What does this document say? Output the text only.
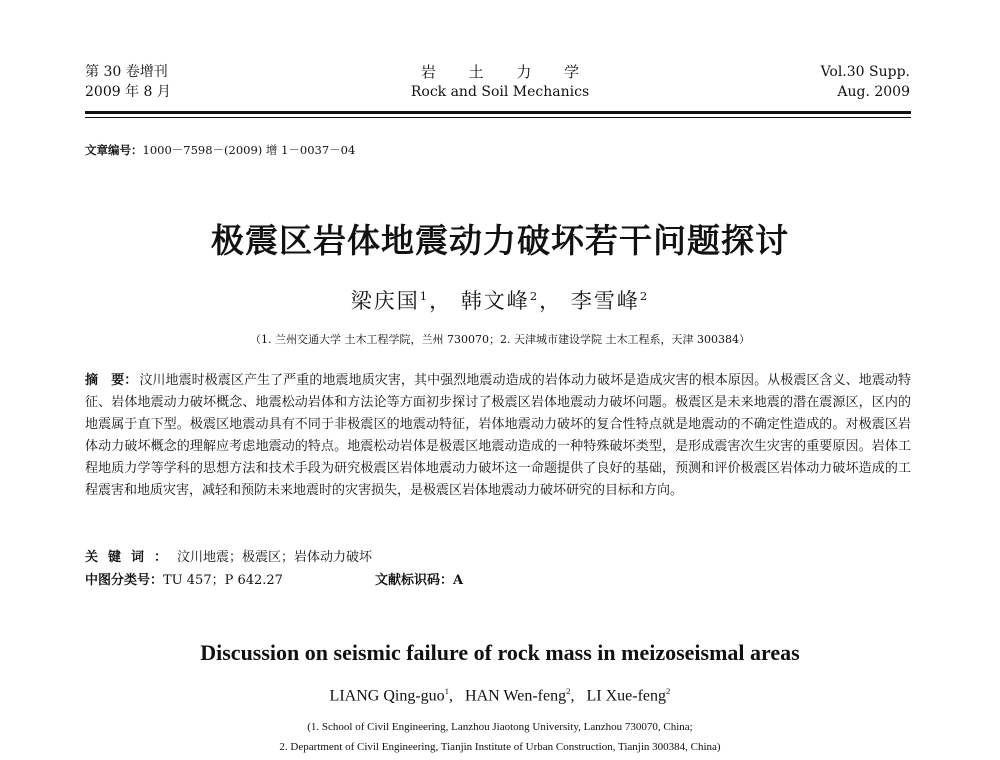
第 30 卷增刊
2009 年 8 月
岩 土 力 学
Rock and Soil Mechanics
Vol.30 Supp.
Aug. 2009
文章编号：1000－7598－(2009) 增 1－0037－04
极震区岩体地震动力破坏若干问题探讨
梁庆国$^1$， 韩文峰$^2$， 李雪峰$^2$
（1. 兰州交通大学 土木工程学院，兰州 730070；2. 天津城市建设学院 土木工程系，天津 300384）
摘　要： 汶川地震时极震区产生了严重的地震地质灾害，其中强烈地震动造成的岩体动力破坏是造成灾害的根本原因。从极震区含义、地震动特征、岩体地震动力破坏概念、地震松动岩体和方法论等方面初步探讨了极震区岩体地震动力破坏问题。极震区是未来地震的潜在震源区，区内的地震属于直下型。极震区地震动具有不同于非极震区的地震动特征，岩体地震动力破坏的复合性特点就是地震动的不确定性造成的。对极震区岩体动力破坏概念的理解应考虑地震动的特点。地震松动岩体是极震区地震动造成的一种特殊破坏类型，是形成震害次生灾害的重要原因。岩体工程地质力学等学科的思想方法和技术手段为研究极震区岩体地震动力破坏这一命题提供了良好的基础，预测和评价极震区岩体动力破坏造成的工程震害和地质灾害，减轻和预防未来地震时的灾害损失，是极震区岩体地震动力破坏研究的目标和方向。
关键词：汶川地震；极震区；岩体动力破坏
中图分类号：TU 457；P 642.27	文献标识码：A
Discussion on seismic failure of rock mass in meizoseismal areas
LIANG Qing-guo$^1$,   HAN Wen-feng$^2$,   LI Xue-feng$^2$
(1. School of Civil Engineering, Lanzhou Jiaotong University, Lanzhou 730070, China;
2. Department of Civil Engineering, Tianjin Institute of Urban Construction, Tianjin 300384, China)
